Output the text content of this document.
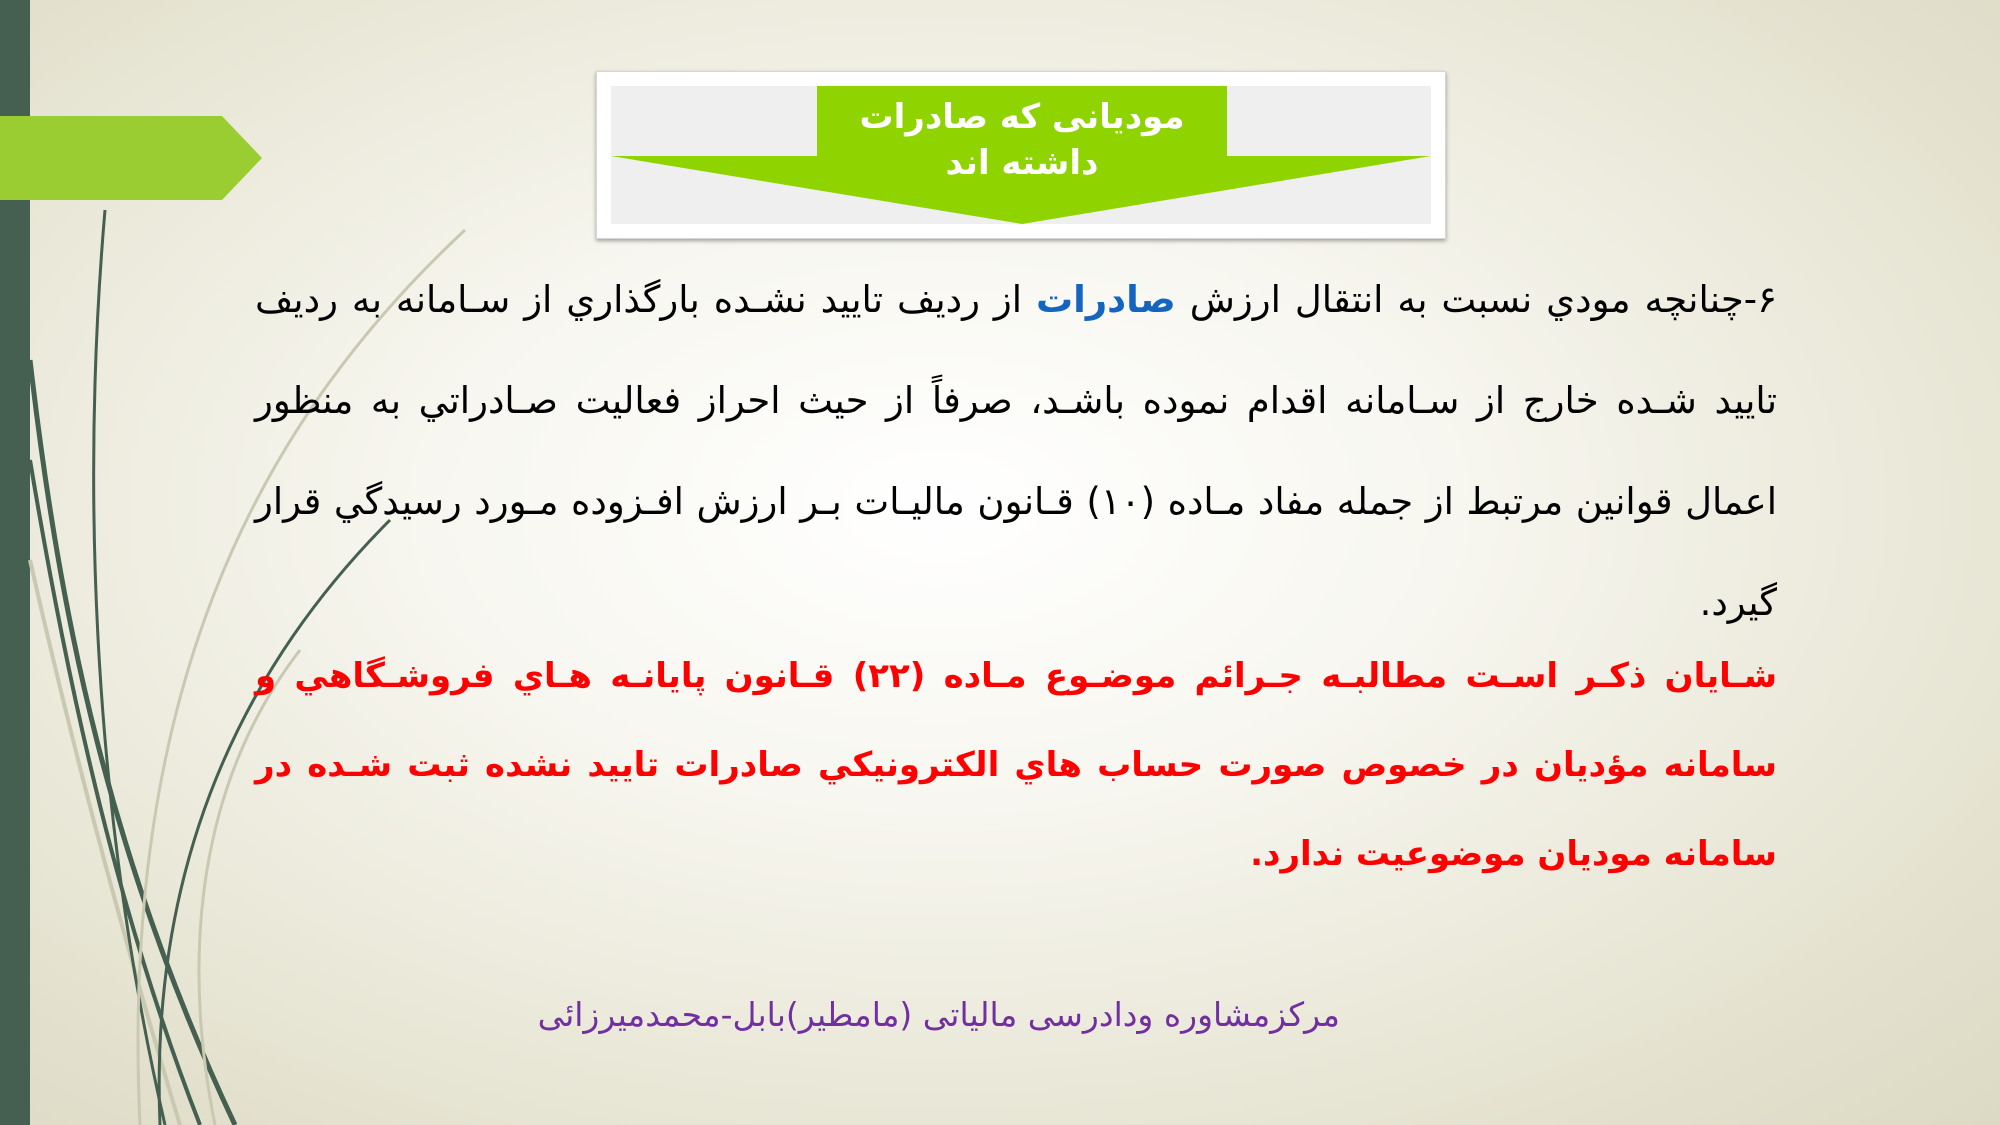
مودیانی که صادرات
داشته اند
۶-چنانچه مودي نسبت به انتقال ارزش صادرات از رديف تاييد نشـده بارگذاري از سـامانه به رديف تاييد شـده خارج از سـامانه اقدام نموده باشـد، صرفاً از حيث احراز فعاليت صـادراتي به منظور اعمال قوانين مرتبط از جمله مفاد مـاده (۱۰) قـانون ماليـات بـر ارزش افـزوده مـورد رسيدگي قرار گيرد.
شـايان ذكـر اسـت مطالبـه جـرائم موضـوع مـاده (۲۲) قـانون پايانـه هـاي فروشـگاهي و سامانه مؤديان در خصوص صورت حساب هاي الكترونيكي صادرات تاييد نشده ثبت شـده در سامانه موديان موضوعيت ندارد.
مرکزمشاوره ودادرسی مالیاتی (مامطیر)بابل-محمدمیرزائی
